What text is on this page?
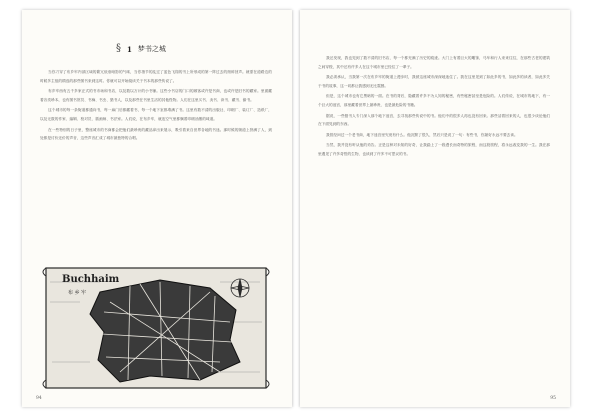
§ 1 梦书之城

当你刀穿了布乡牢内部区域的繁冗低垂暗影的气味，当你指节的乱过了蓝色飞翔的书上所形成的第一阵过去的细碎回声。就需在道路边的时候多主组的精选的那些图书来到这时。你就可以开始阅读关于书本的那些传说了。

布乡牢西有五千多家正式的书市场和书店，以及数以万计的小书铺。这些小书店的门口的顾客或许是书商，也或许是旧书的藏家。里面藏着各类珍本，也有图书馆员、书痴、书虫、猎书人，以及那些在书里生活的其他怪物。人们在这里买书、卖书、读书、藏书、偷书。

这个城市的每一条街道都通向书，每一扇门后都藏着书，每一个地下室都堆满了书。这里有数不清的出版社、印刷厂、装订厂、造纸厂，以及无数的作家、编辑、校对员、插画师、书法家。人们说，在布乡牢，就连空气里都飘着印刷油墨的味道。

在一些特别的日子里，整座城市的书商都会把他们最珍贵的藏品拿出来展示，吸引着来自世界各地的书迷。那时候的街道上挤满了人，到处都是讨价还价的声音，这些声音汇成了城市最独特的合唱。

Buchhaim
布 乡 牢
94

我还发现，我也见到了数不清的旧书店，每一个都充满了历史的痕迹。大门上有着巨大的雕饰，马车和行人来来往往，在那些古老的建筑之间穿梭，其中还有许多人在这个城市里已经住了一辈子。

我必须承认，当我第一次在布乡牢的街道上漫步时，我被这座城市深深地迷住了。我在这里见到了如此多的书，如此多的读者，如此多关于书的故事，这一切都让我感到无比震撼。

但是，这个城市也有它黑暗的一面。在书的背后，隐藏着许多不为人知的秘密，有些秘密甚至是危险的。人们传说，在城市的地下，有一个巨大的迷宫，那里藏着世界上最珍贵、也是最危险的书籍。

据说，一些猎书人专门深入那个地下迷宫，去寻找那些传说中的书。他们中的很多人再也没有回来。那些活着回来的人，也很少谈论他们在下面见到的东西。

我曾经问过一个老书商，地下迷宫里究竟有什么。他沉默了很久，然后只是说了一句：有些书，你最好永远不要去读。

当然，我并没有听从他的劝告。正是这种对未知的好奇，让我踏上了一段漫长而奇特的旅程，而这段旅程，将永远改变我的一生。我在那里遇见了许多奇怪的生物，也读到了许多不可思议的书。

95
